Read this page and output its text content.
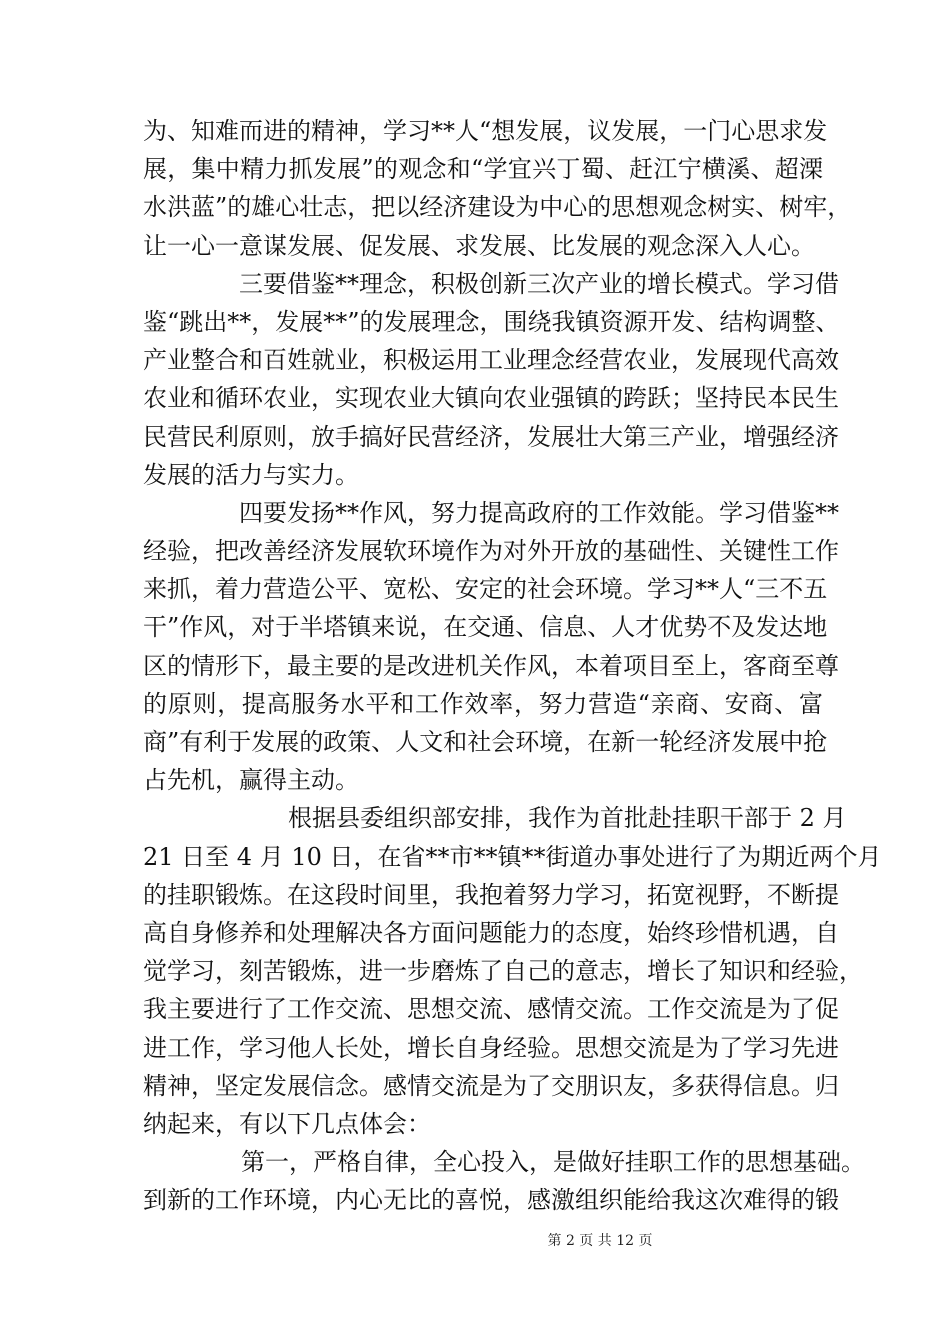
为、知难而进的精神，学习**人“想发展，议发展，一门心思求发
展，集中精力抓发展”的观念和“学宜兴丁蜀、赶江宁横溪、超溧
水洪蓝”的雄心壮志，把以经济建设为中心的思想观念树实、树牢，
让一心一意谋发展、促发展、求发展、比发展的观念深入人心。
三要借鉴**理念，积极创新三次产业的增长模式。学习借
鉴“跳出**，发展**”的发展理念，围绕我镇资源开发、结构调整、
产业整合和百姓就业，积极运用工业理念经营农业，发展现代高效
农业和循环农业，实现农业大镇向农业强镇的跨跃；坚持民本民生
民营民利原则，放手搞好民营经济，发展壮大第三产业，增强经济
发展的活力与实力。
四要发扬**作风，努力提高政府的工作效能。学习借鉴**
经验，把改善经济发展软环境作为对外开放的基础性、关键性工作
来抓，着力营造公平、宽松、安定的社会环境。学习**人“三不五
干”作风，对于半塔镇来说，在交通、信息、人才优势不及发达地
区的情形下，最主要的是改进机关作风，本着项目至上，客商至尊
的原则，提高服务水平和工作效率，努力营造“亲商、安商、富
商”有利于发展的政策、人文和社会环境，在新一轮经济发展中抢
占先机，赢得主动。
根据县委组织部安排，我作为首批赴挂职干部于 2 月
21 日至 4 月 10 日，在省**市**镇**街道办事处进行了为期近两个月
的挂职锻炼。在这段时间里，我抱着努力学习，拓宽视野，不断提
高自身修养和处理解决各方面问题能力的态度，始终珍惜机遇，自
觉学习，刻苦锻炼，进一步磨炼了自己的意志，增长了知识和经验，
我主要进行了工作交流、思想交流、感情交流。工作交流是为了促
进工作，学习他人长处，增长自身经验。思想交流是为了学习先进
精神，坚定发展信念。感情交流是为了交朋识友，多获得信息。归
纳起来，有以下几点体会：
第一，严格自律，全心投入，是做好挂职工作的思想基础。
到新的工作环境，内心无比的喜悦，感激组织能给我这次难得的锻
第 2 页 共 12 页
